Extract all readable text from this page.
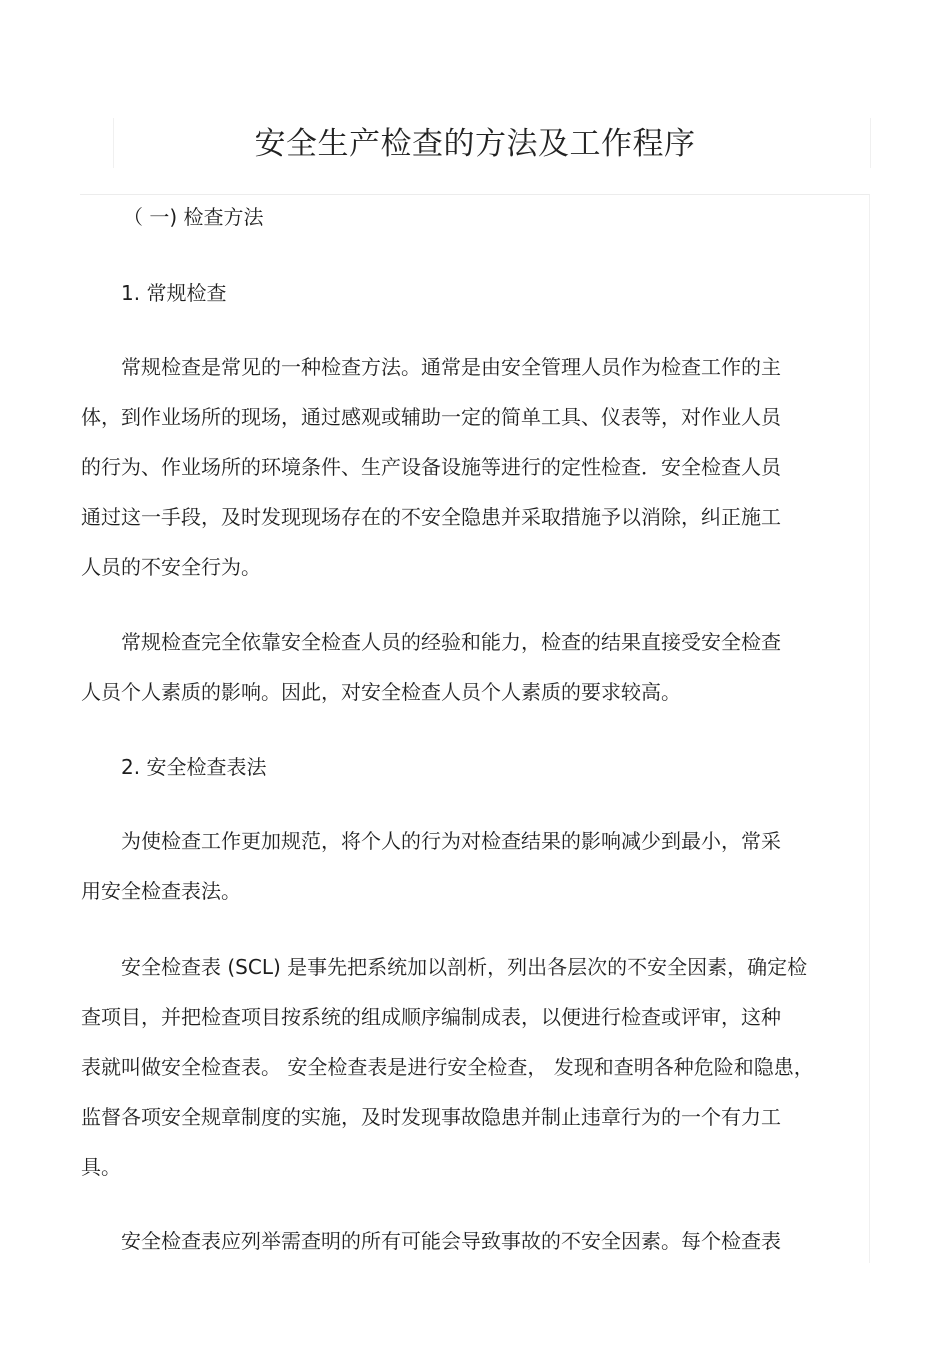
安全生产检查的方法及工作程序

（ 一) 检查方法

1. 常规检查

常规检查是常见的一种检查方法。通常是由安全管理人员作为检查工作的主

体，到作业场所的现场，通过感观或辅助一定的简单工具、仪表等，对作业人员

的行为、作业场所的环境条件、生产设备设施等进行的定性检查．安全检查人员

通过这一手段，及时发现现场存在的不安全隐患并采取措施予以消除，纠正施工

人员的不安全行为。

常规检查完全依靠安全检查人员的经验和能力，检查的结果直接受安全检查

人员个人素质的影响。因此，对安全检查人员个人素质的要求较高。

2. 安全检查表法

为使检查工作更加规范，将个人的行为对检查结果的影响减少到最小，常采

用安全检查表法。

安全检查表 (SCL) 是事先把系统加以剖析，列出各层次的不安全因素，确定检

查项目，并把检查项目按系统的组成顺序编制成表，以便进行检查或评审，这种

表就叫做安全检查表。 安全检查表是进行安全检查， 发现和查明各种危险和隐患，

监督各项安全规章制度的实施，及时发现事故隐患并制止违章行为的一个有力工

具。

安全检查表应列举需查明的所有可能会导致事故的不安全因素。每个检查表
